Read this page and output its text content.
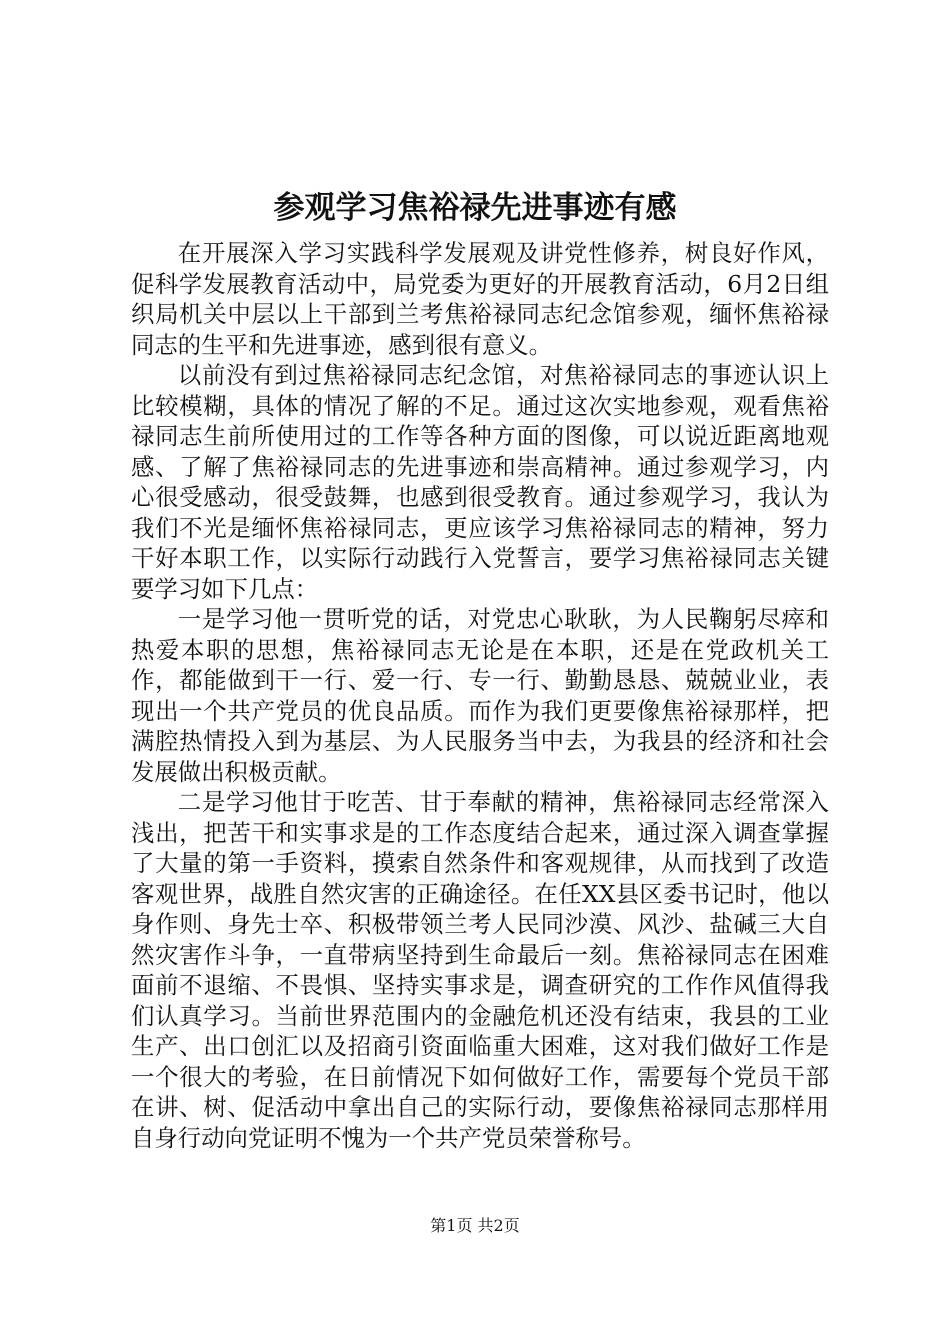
参观学习焦裕禄先进事迹有感

在开展深入学习实践科学发展观及讲党性修养，树良好作风，促科学发展教育活动中，局党委为更好的开展教育活动，6月2日组织局机关中层以上干部到兰考焦裕禄同志纪念馆参观，缅怀焦裕禄同志的生平和先进事迹，感到很有意义。

以前没有到过焦裕禄同志纪念馆，对焦裕禄同志的事迹认识上比较模糊，具体的情况了解的不足。通过这次实地参观，观看焦裕禄同志生前所使用过的工作等各种方面的图像，可以说近距离地观感、了解了焦裕禄同志的先进事迹和崇高精神。通过参观学习，内心很受感动，很受鼓舞，也感到很受教育。通过参观学习，我认为我们不光是缅怀焦裕禄同志，更应该学习焦裕禄同志的精神，努力干好本职工作，以实际行动践行入党誓言，要学习焦裕禄同志关键要学习如下几点：

一是学习他一贯听党的话，对党忠心耿耿，为人民鞠躬尽瘁和热爱本职的思想，焦裕禄同志无论是在本职，还是在党政机关工作，都能做到干一行、爱一行、专一行、勤勤恳恳、兢兢业业，表现出一个共产党员的优良品质。而作为我们更要像焦裕禄那样，把满腔热情投入到为基层、为人民服务当中去，为我县的经济和社会发展做出积极贡献。

二是学习他甘于吃苦、甘于奉献的精神，焦裕禄同志经常深入浅出，把苦干和实事求是的工作态度结合起来，通过深入调查掌握了大量的第一手资料，摸索自然条件和客观规律，从而找到了改造客观世界，战胜自然灾害的正确途径。在任XX县区委书记时，他以身作则、身先士卒、积极带领兰考人民同沙漠、风沙、盐碱三大自然灾害作斗争，一直带病坚持到生命最后一刻。焦裕禄同志在困难面前不退缩、不畏惧、坚持实事求是，调查研究的工作作风值得我们认真学习。当前世界范围内的金融危机还没有结束，我县的工业生产、出口创汇以及招商引资面临重大困难，这对我们做好工作是一个很大的考验，在日前情况下如何做好工作，需要每个党员干部在讲、树、促活动中拿出自己的实际行动，要像焦裕禄同志那样用自身行动向党证明不愧为一个共产党员荣誉称号。

第1页 共2页
